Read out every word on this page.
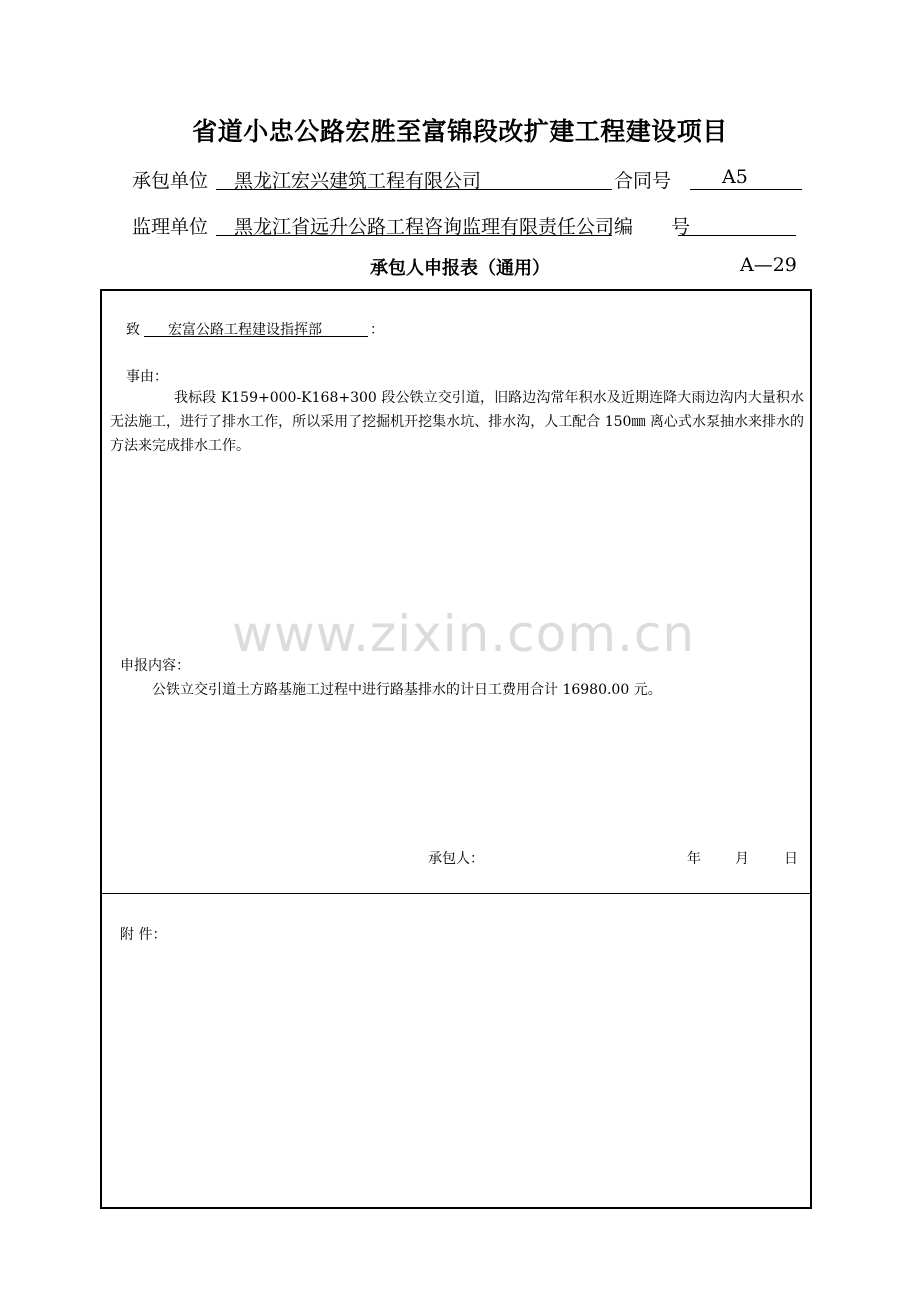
省道小忠公路宏胜至富锦段改扩建工程建设项目
承包单位 黑龙江宏兴建筑工程有限公司	合同号	A5
监理单位 黑龙江省远升公路工程咨询监理有限责任公司 编　　号
承包人申报表（通用）	A—29
致 宏富公路工程建设指挥部	：
事由：
我标段 K159+000-K168+300 段公铁立交引道，旧路边沟常年积水及近期连降大雨边沟内大量积水无法施工，进行了排水工作，所以采用了挖掘机开挖集水坑、排水沟，人工配合 150㎜ 离心式水泵抽水来排水的方法来完成排水工作。
www.zixin.com.cn
申报内容：
公铁立交引道土方路基施工过程中进行路基排水的计日工费用合计 16980.00 元。
承包人：	年 月	日
附 件：
